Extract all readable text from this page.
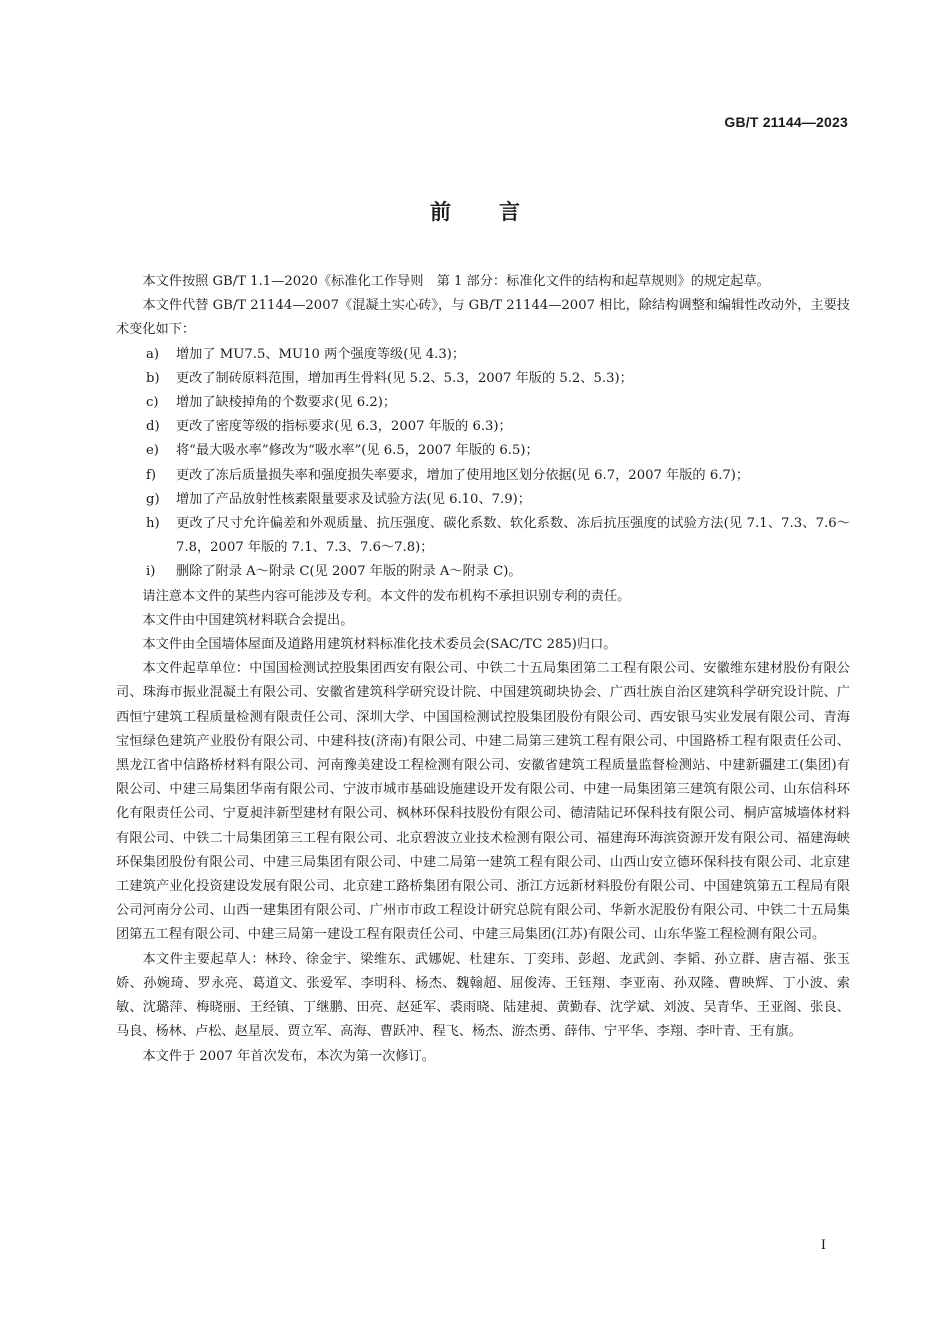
GB/T 21144—2023
前言

本文件按照 GB/T 1.1—2020《标准化工作导则　第 1 部分：标准化文件的结构和起草规则》的规定起草。

本文件代替 GB/T 21144—2007《混凝土实心砖》，与 GB/T 21144—2007 相比，除结构调整和编辑性改动外，主要技术变化如下：

a) 增加了 MU7.5、MU10 两个强度等级(见 4.3)；

b) 更改了制砖原料范围，增加再生骨料(见 5.2、5.3，2007 年版的 5.2、5.3)；

c) 增加了缺棱掉角的个数要求(见 6.2)；

d) 更改了密度等级的指标要求(见 6.3，2007 年版的 6.3)；

e) 将“最大吸水率”修改为“吸水率”(见 6.5，2007 年版的 6.5)；

f) 更改了冻后质量损失率和强度损失率要求，增加了使用地区划分依据(见 6.7，2007 年版的 6.7)；

g) 增加了产品放射性核素限量要求及试验方法(见 6.10、7.9)；

h) 更改了尺寸允许偏差和外观质量、抗压强度、碳化系数、软化系数、冻后抗压强度的试验方法(见 7.1、7.3、7.6～7.8，2007 年版的 7.1、7.3、7.6～7.8)；

i) 删除了附录 A～附录 C(见 2007 年版的附录 A～附录 C)。

请注意本文件的某些内容可能涉及专利。本文件的发布机构不承担识别专利的责任。

本文件由中国建筑材料联合会提出。

本文件由全国墙体屋面及道路用建筑材料标准化技术委员会(SAC/TC 285)归口。

本文件起草单位：中国国检测试控股集团西安有限公司、中铁二十五局集团第二工程有限公司、安徽维东建材股份有限公司、珠海市振业混凝土有限公司、安徽省建筑科学研究设计院、中国建筑砌块协会、广西壮族自治区建筑科学研究设计院、广西恒宁建筑工程质量检测有限责任公司、深圳大学、中国国检测试控股集团股份有限公司、西安银马实业发展有限公司、青海宝恒绿色建筑产业股份有限公司、中建科技(济南)有限公司、中建二局第三建筑工程有限公司、中国路桥工程有限责任公司、黑龙江省中信路桥材料有限公司、河南豫美建设工程检测有限公司、安徽省建筑工程质量监督检测站、中建新疆建工(集团)有限公司、中建三局集团华南有限公司、宁波市城市基础设施建设开发有限公司、中建一局集团第三建筑有限公司、山东信科环化有限责任公司、宁夏昶沣新型建材有限公司、枫林环保科技股份有限公司、德清陆记环保科技有限公司、桐庐富城墙体材料有限公司、中铁二十局集团第三工程有限公司、北京碧波立业技术检测有限公司、福建海环海滨资源开发有限公司、福建海峡环保集团股份有限公司、中建三局集团有限公司、中建二局第一建筑工程有限公司、山西山安立德环保科技有限公司、北京建工建筑产业化投资建设发展有限公司、北京建工路桥集团有限公司、浙江方远新材料股份有限公司、中国建筑第五工程局有限公司河南分公司、山西一建集团有限公司、广州市市政工程设计研究总院有限公司、华新水泥股份有限公司、中铁二十五局集团第五工程有限公司、中建三局第一建设工程有限责任公司、中建三局集团(江苏)有限公司、山东华鉴工程检测有限公司。

本文件主要起草人：林玲、徐金宇、梁维东、武娜妮、杜建东、丁奕玮、彭超、龙武剑、李韬、孙立群、唐吉福、张玉娇、孙婉琦、罗永亮、葛道文、张爱军、李明科、杨杰、魏翰超、屈俊涛、王钰翔、李亚南、孙双隆、曹映辉、丁小波、索敏、沈璐萍、梅晓丽、王经镇、丁继鹏、田亮、赵延军、裘雨晓、陆建昶、黄勤春、沈学斌、刘波、吴青华、王亚阁、张良、马良、杨林、卢松、赵星辰、贾立军、高海、曹跃冲、程飞、杨杰、游杰勇、薛伟、宁平华、李翔、李叶青、王有旗。

本文件于 2007 年首次发布，本次为第一次修订。

I
